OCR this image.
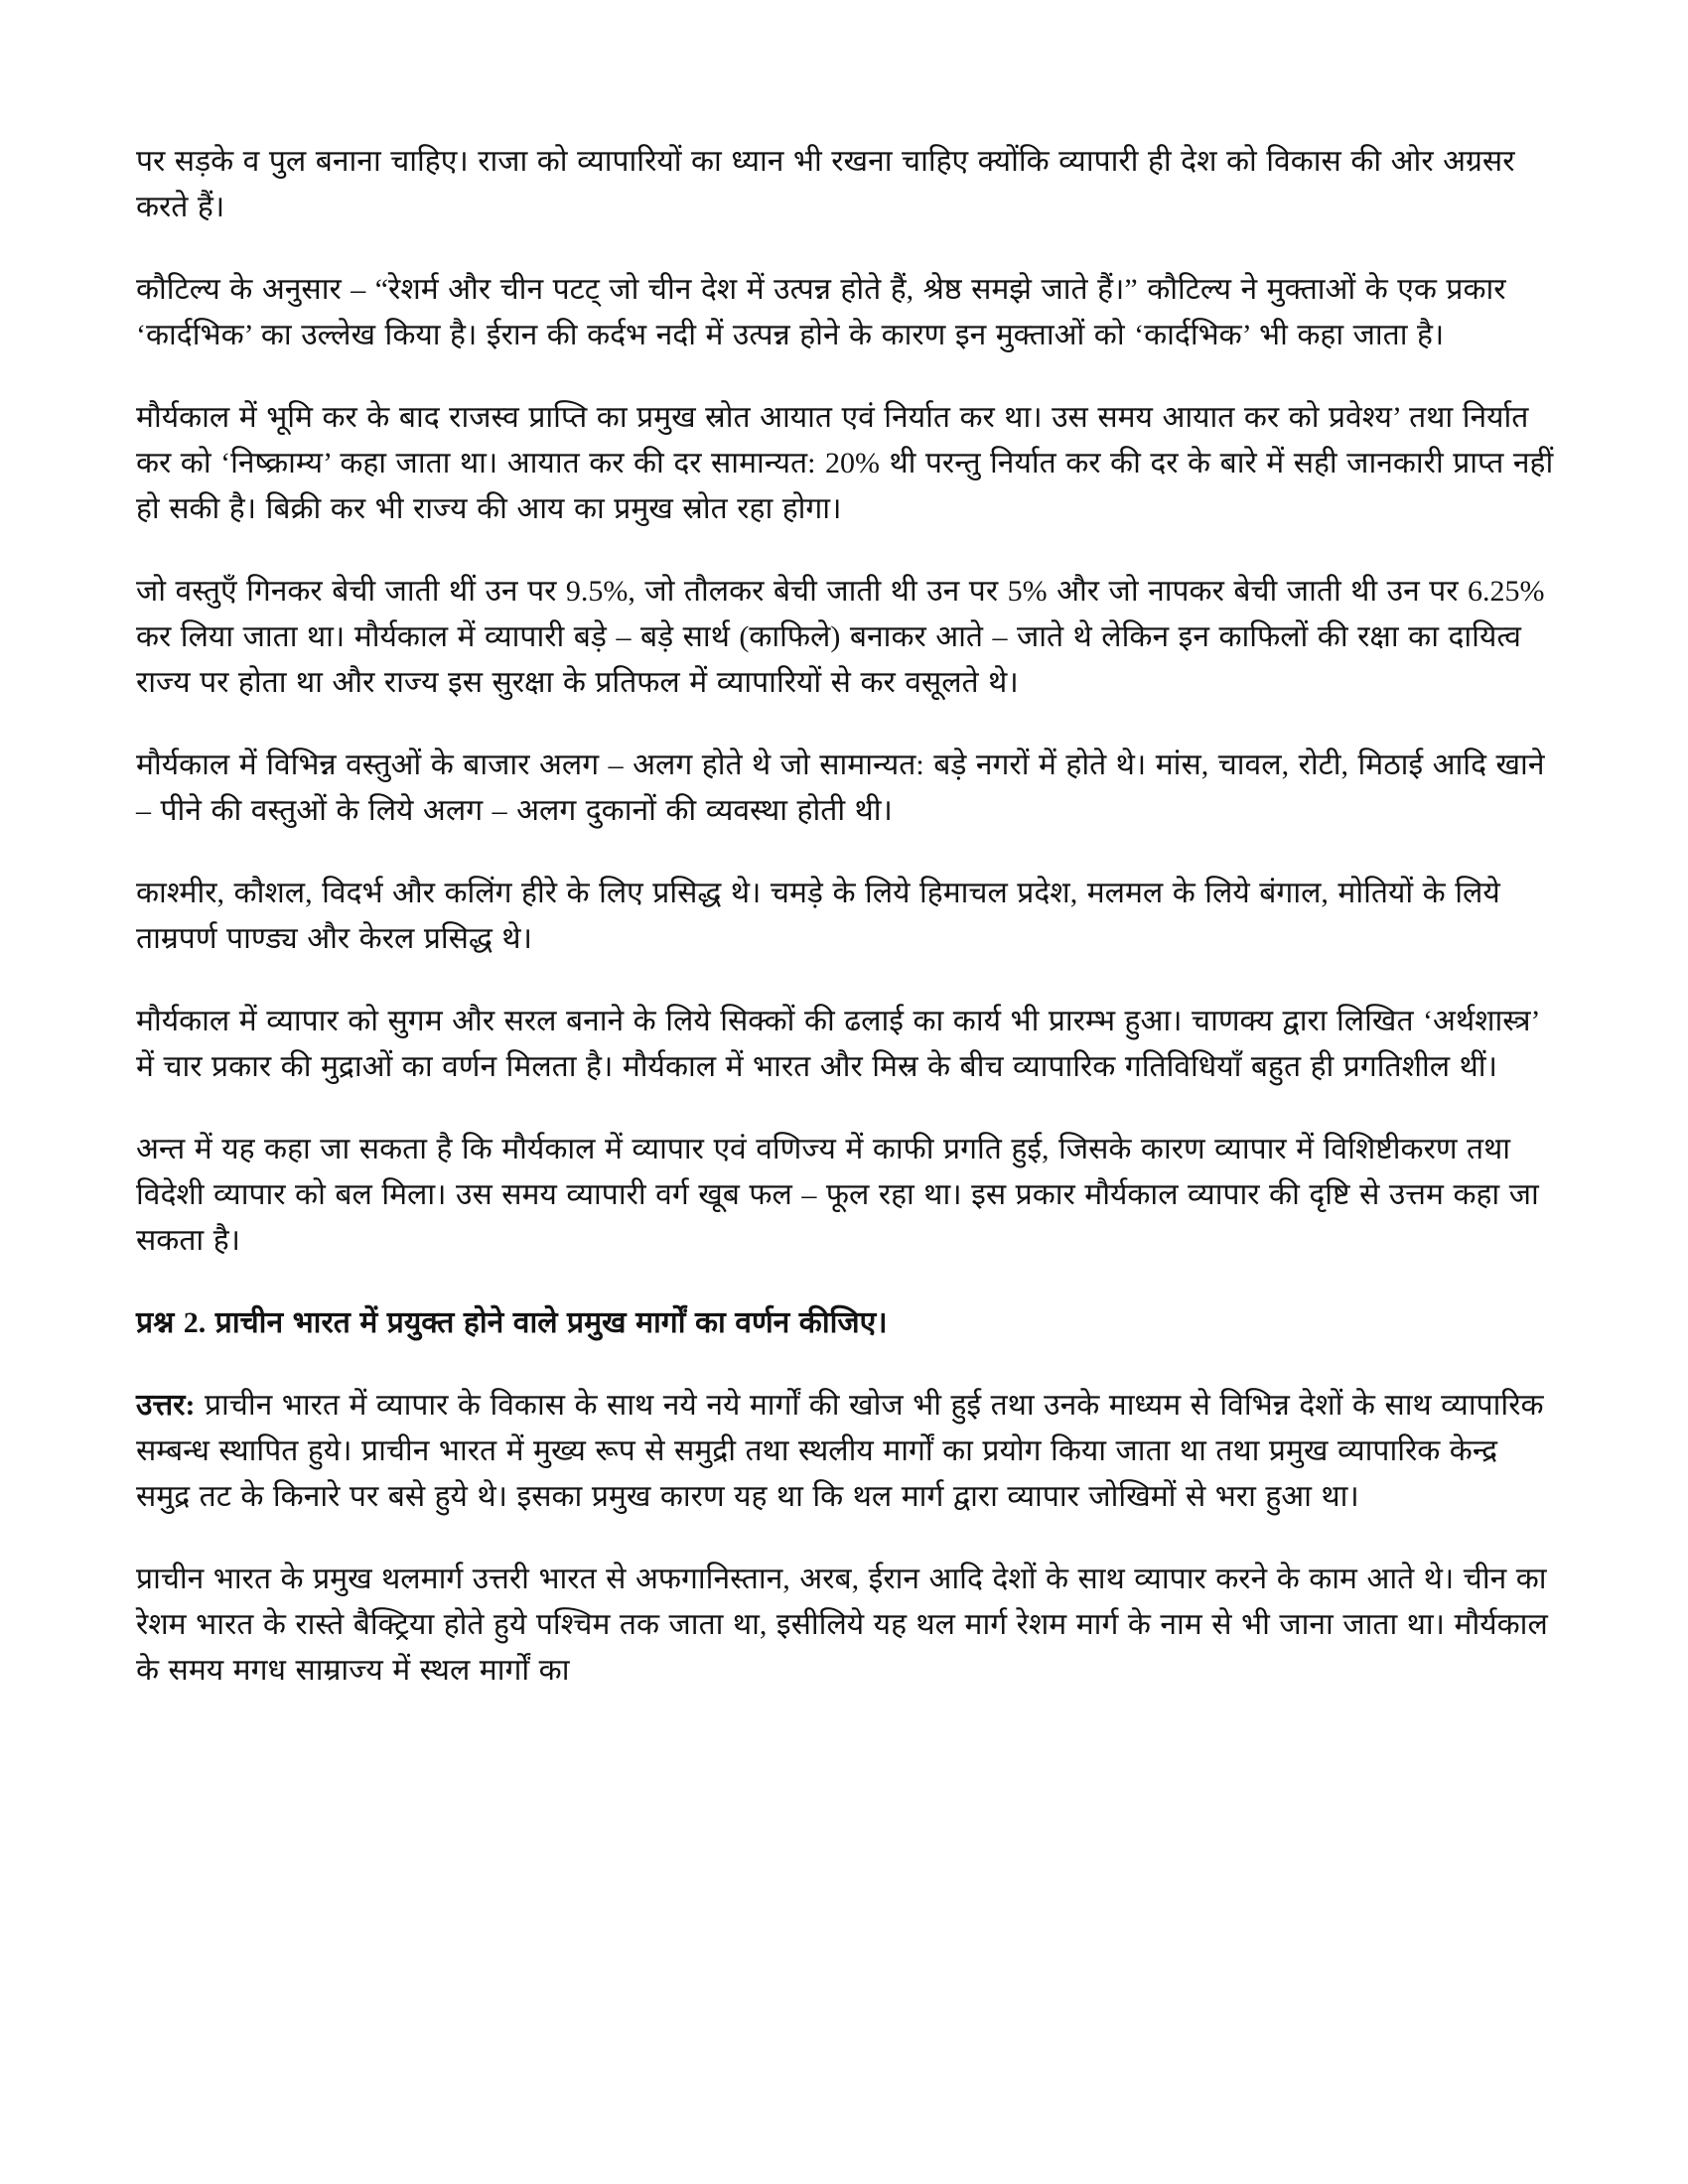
पर सड़के व पुल बनाना चाहिए। राजा को व्यापारियों का ध्यान भी रखना चाहिए क्योंकि व्यापारी ही देश को विकास की ओर अग्रसर करते हैं।

कौटिल्य के अनुसार – “रेशर्म और चीन पटट् जो चीन देश में उत्पन्न होते हैं, श्रेष्ठ समझे जाते हैं।” कौटिल्य ने मुक्ताओं के एक प्रकार ‘कार्दभिक’ का उल्लेख किया है। ईरान की कर्दभ नदी में उत्पन्न होने के कारण इन मुक्ताओं को ‘कार्दभिक’ भी कहा जाता है।

मौर्यकाल में भूमि कर के बाद राजस्व प्राप्ति का प्रमुख स्रोत आयात एवं निर्यात कर था। उस समय आयात कर को प्रवेश्य’ तथा निर्यात कर को ‘निष्क्राम्य’ कहा जाता था। आयात कर की दर सामान्यत: 20% थी परन्तु निर्यात कर की दर के बारे में सही जानकारी प्राप्त नहीं हो सकी है। बिक्री कर भी राज्य की आय का प्रमुख स्रोत रहा होगा।

जो वस्तुएँ गिनकर बेची जाती थीं उन पर 9.5%, जो तौलकर बेची जाती थी उन पर 5% और जो नापकर बेची जाती थी उन पर 6.25% कर लिया जाता था। मौर्यकाल में व्यापारी बड़े – बड़े सार्थ (काफिले) बनाकर आते – जाते थे लेकिन इन काफिलों की रक्षा का दायित्व राज्य पर होता था और राज्य इस सुरक्षा के प्रतिफल में व्यापारियों से कर वसूलते थे।

मौर्यकाल में विभिन्न वस्तुओं के बाजार अलग – अलग होते थे जो सामान्यत: बड़े नगरों में होते थे। मांस, चावल, रोटी, मिठाई आदि खाने – पीने की वस्तुओं के लिये अलग – अलग दुकानों की व्यवस्था होती थी।

काश्मीर, कौशल, विदर्भ और कलिंग हीरे के लिए प्रसिद्ध थे। चमड़े के लिये हिमाचल प्रदेश, मलमल के लिये बंगाल, मोतियों के लिये ताम्रपर्ण पाण्ड्य और केरल प्रसिद्ध थे।

मौर्यकाल में व्यापार को सुगम और सरल बनाने के लिये सिक्कों की ढलाई का कार्य भी प्रारम्भ हुआ। चाणक्य द्वारा लिखित ‘अर्थशास्त्र’ में चार प्रकार की मुद्राओं का वर्णन मिलता है। मौर्यकाल में भारत और मिस्र के बीच व्यापारिक गतिविधियाँ बहुत ही प्रगतिशील थीं।

अन्त में यह कहा जा सकता है कि मौर्यकाल में व्यापार एवं वणिज्य में काफी प्रगति हुई, जिसके कारण व्यापार में विशिष्टीकरण तथा विदेशी व्यापार को बल मिला। उस समय व्यापारी वर्ग खूब फल – फूल रहा था। इस प्रकार मौर्यकाल व्यापार की दृष्टि से उत्तम कहा जा सकता है।

प्रश्न 2. प्राचीन भारत में प्रयुक्त होने वाले प्रमुख मार्गों का वर्णन कीजिए।

उत्तर: प्राचीन भारत में व्यापार के विकास के साथ नये नये मार्गों की खोज भी हुई तथा उनके माध्यम से विभिन्न देशों के साथ व्यापारिक सम्बन्ध स्थापित हुये। प्राचीन भारत में मुख्य रूप से समुद्री तथा स्थलीय मार्गों का प्रयोग किया जाता था तथा प्रमुख व्यापारिक केन्द्र समुद्र तट के किनारे पर बसे हुये थे। इसका प्रमुख कारण यह था कि थल मार्ग द्वारा व्यापार जोखिमों से भरा हुआ था।

प्राचीन भारत के प्रमुख थलमार्ग उत्तरी भारत से अफगानिस्तान, अरब, ईरान आदि देशों के साथ व्यापार करने के काम आते थे। चीन का रेशम भारत के रास्ते बैक्ट्रिया होते हुये पश्चिम तक जाता था, इसीलिये यह थल मार्ग रेशम मार्ग के नाम से भी जाना जाता था। मौर्यकाल के समय मगध साम्राज्य में स्थल मार्गों का
